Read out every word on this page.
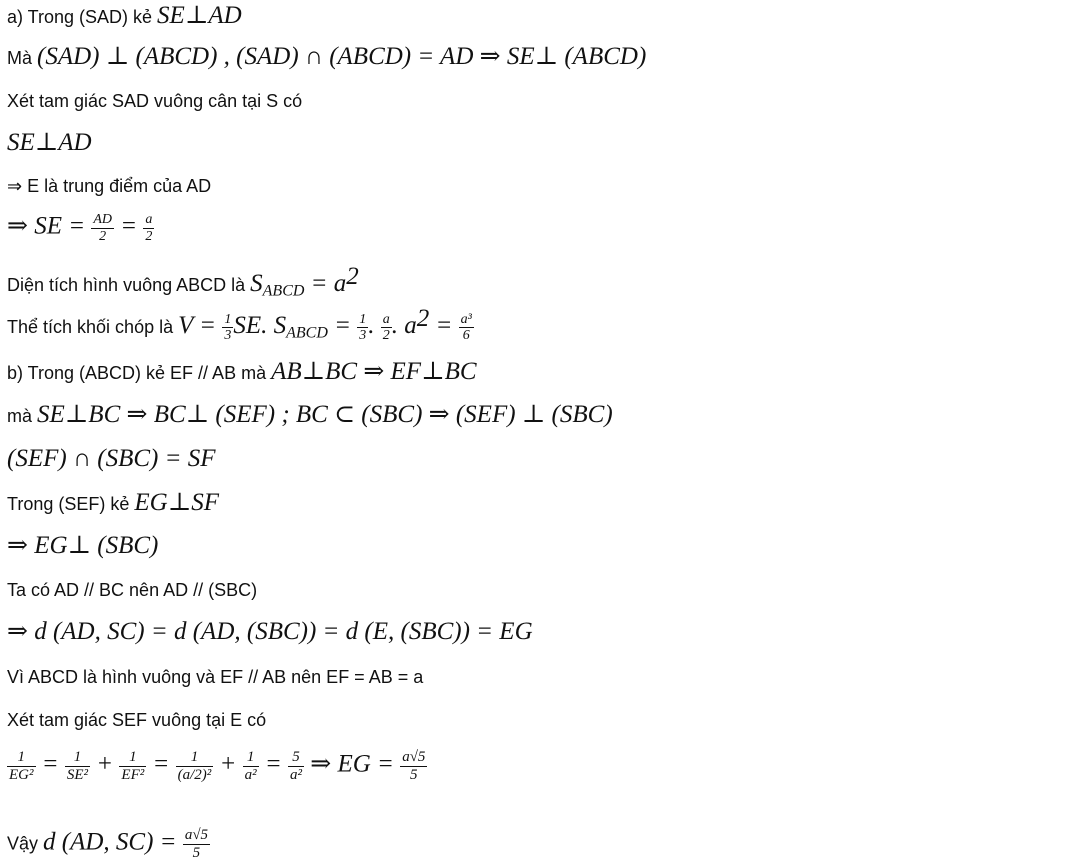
a) Trong (SAD) kẻ SE⊥AD
Mà (SAD) ⊥ (ABCD) , (SAD) ∩ (ABCD) = AD ⇒ SE⊥ (ABCD)
Xét tam giác SAD vuông cân tại S có
SE⊥AD
⇒ E là trung điểm của AD
⇒ SE = $\frac{AD}{2} = \frac{a}{2}$
Diện tích hình vuông ABCD là $S_{ABCD} = a^2$
Thể tích khối chóp là $V = \frac{1}{3}$ SE. $S_{ABCD} = \frac{1}{3}$ . $\frac{a}{2}$ . $a^2 = \frac{\text{a³}}{6}$
b) Trong (ABCD) kẻ EF // AB mà AB⊥BC ⇒ EF⊥BC
mà SE⊥BC ⇒ BC⊥ (SEF) ; BC ⊂ (SBC) ⇒ (SEF) ⊥ (SBC)
(SEF) ∩ (SBC) = SF
Trong (SEF) kẻ EG⊥SF
⇒ EG⊥ (SBC)
Ta có AD // BC nên AD // (SBC)
⇒ d (AD, SC) = d (AD, (SBC)) = d (E, (SBC)) = EG
Vì ABCD là hình vuông và EF // AB nên EF = AB = a
Xét tam giác SEF vuông tại E có
$\frac{1}{\text{EG²}} = \frac{1}{\text{SE²}} + \frac{1}{\text{EF²}} = \frac{1}{\text{(a/2)²}} + \frac{1}{\text{a²}} = \frac{5}{\text{a²}}$ ⇒ EG = $\frac{a√5}{5}$
Vậy d (AD, $SC) = \frac{a√5}{5}$
